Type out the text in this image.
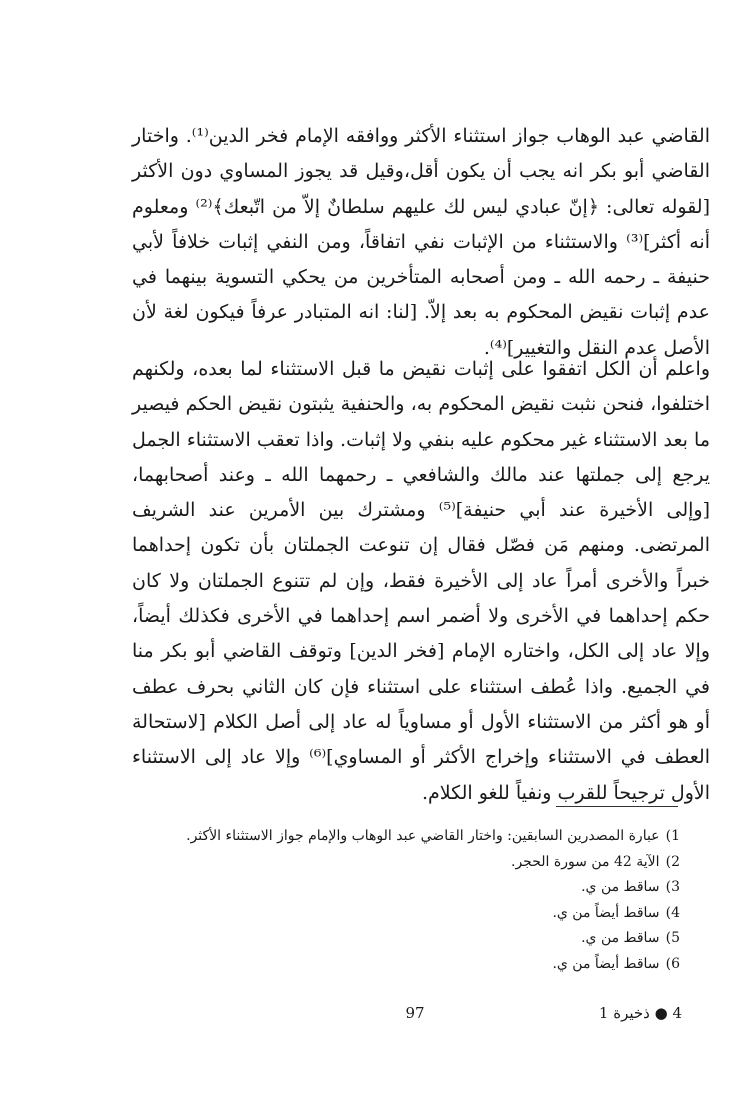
القاضي عبد الوهاب جواز استثناء الأكثر ووافقه الإمام فخر الدين⁽¹⁾. واختار القاضي أبو بكر انه يجب أن يكون أقل،وقيل قد يجوز المساوي دون الأكثر [لقوله تعالى: ﴿إنّ عبادي ليس لك عليهم سلطانٌ إلاّ من اتّبعك﴾⁽²⁾ ومعلوم أنه أكثر]⁽³⁾ والاستثناء من الإثبات نفي اتفاقاً، ومن النفي إثبات خلافاً لأبي حنيفة ـ رحمه الله ـ ومن أصحابه المتأخرين من يحكي التسوية بينهما في عدم إثبات نقيض المحكوم به بعد إلاّ. [لنا: انه المتبادر عرفاً فيكون لغة لأن الأصل عدم النقل والتغيير]⁽⁴⁾.

واعلم أن الكل اتفقوا على إثبات نقيض ما قبل الاستثناء لما بعده، ولكنهم اختلفوا، فنحن نثبت نقيض المحكوم به، والحنفية يثبتون نقيض الحكم فيصير ما بعد الاستثناء غير محكوم عليه بنفي ولا إثبات. واذا تعقب الاستثناء الجمل يرجع إلى جملتها عند مالك والشافعي ـ رحمهما الله ـ وعند أصحابهما، [وإلى الأخيرة عند أبي حنيفة]⁽⁵⁾ ومشترك بين الأمرين عند الشريف المرتضى. ومنهم مَن فصّل فقال إن تنوعت الجملتان بأن تكون إحداهما خبراً والأخرى أمراً عاد إلى الأخيرة فقط، وإن لم تتنوع الجملتان ولا كان حكم إحداهما في الأخرى ولا أضمر اسم إحداهما في الأخرى فكذلك أيضاً، وإلا عاد إلى الكل، واختاره الإمام [فخر الدين] وتوقف القاضي أبو بكر منا في الجميع. واذا عُطف استثناء على استثناء فإن كان الثاني بحرف عطف أو هو أكثر من الاستثناء الأول أو مساوياً له عاد إلى أصل الكلام [لاستحالة العطف في الاستثناء وإخراج الأكثر أو المساوي]⁽⁶⁾ وإلا عاد إلى الاستثناء الأول ترجيحاً للقرب ونفياً للغو الكلام.

1) عبارة المصدرين السابقين: واختار القاضي عبد الوهاب والإمام جواز الاستثناء الأكثر.
2) الآية 42 من سورة الحجر.
3) ساقط من ي.
4) ساقط أيضاً من ي.
5) ساقط من ي.
6) ساقط أيضاً من ي.
97	4 ● ذخيرة 1
